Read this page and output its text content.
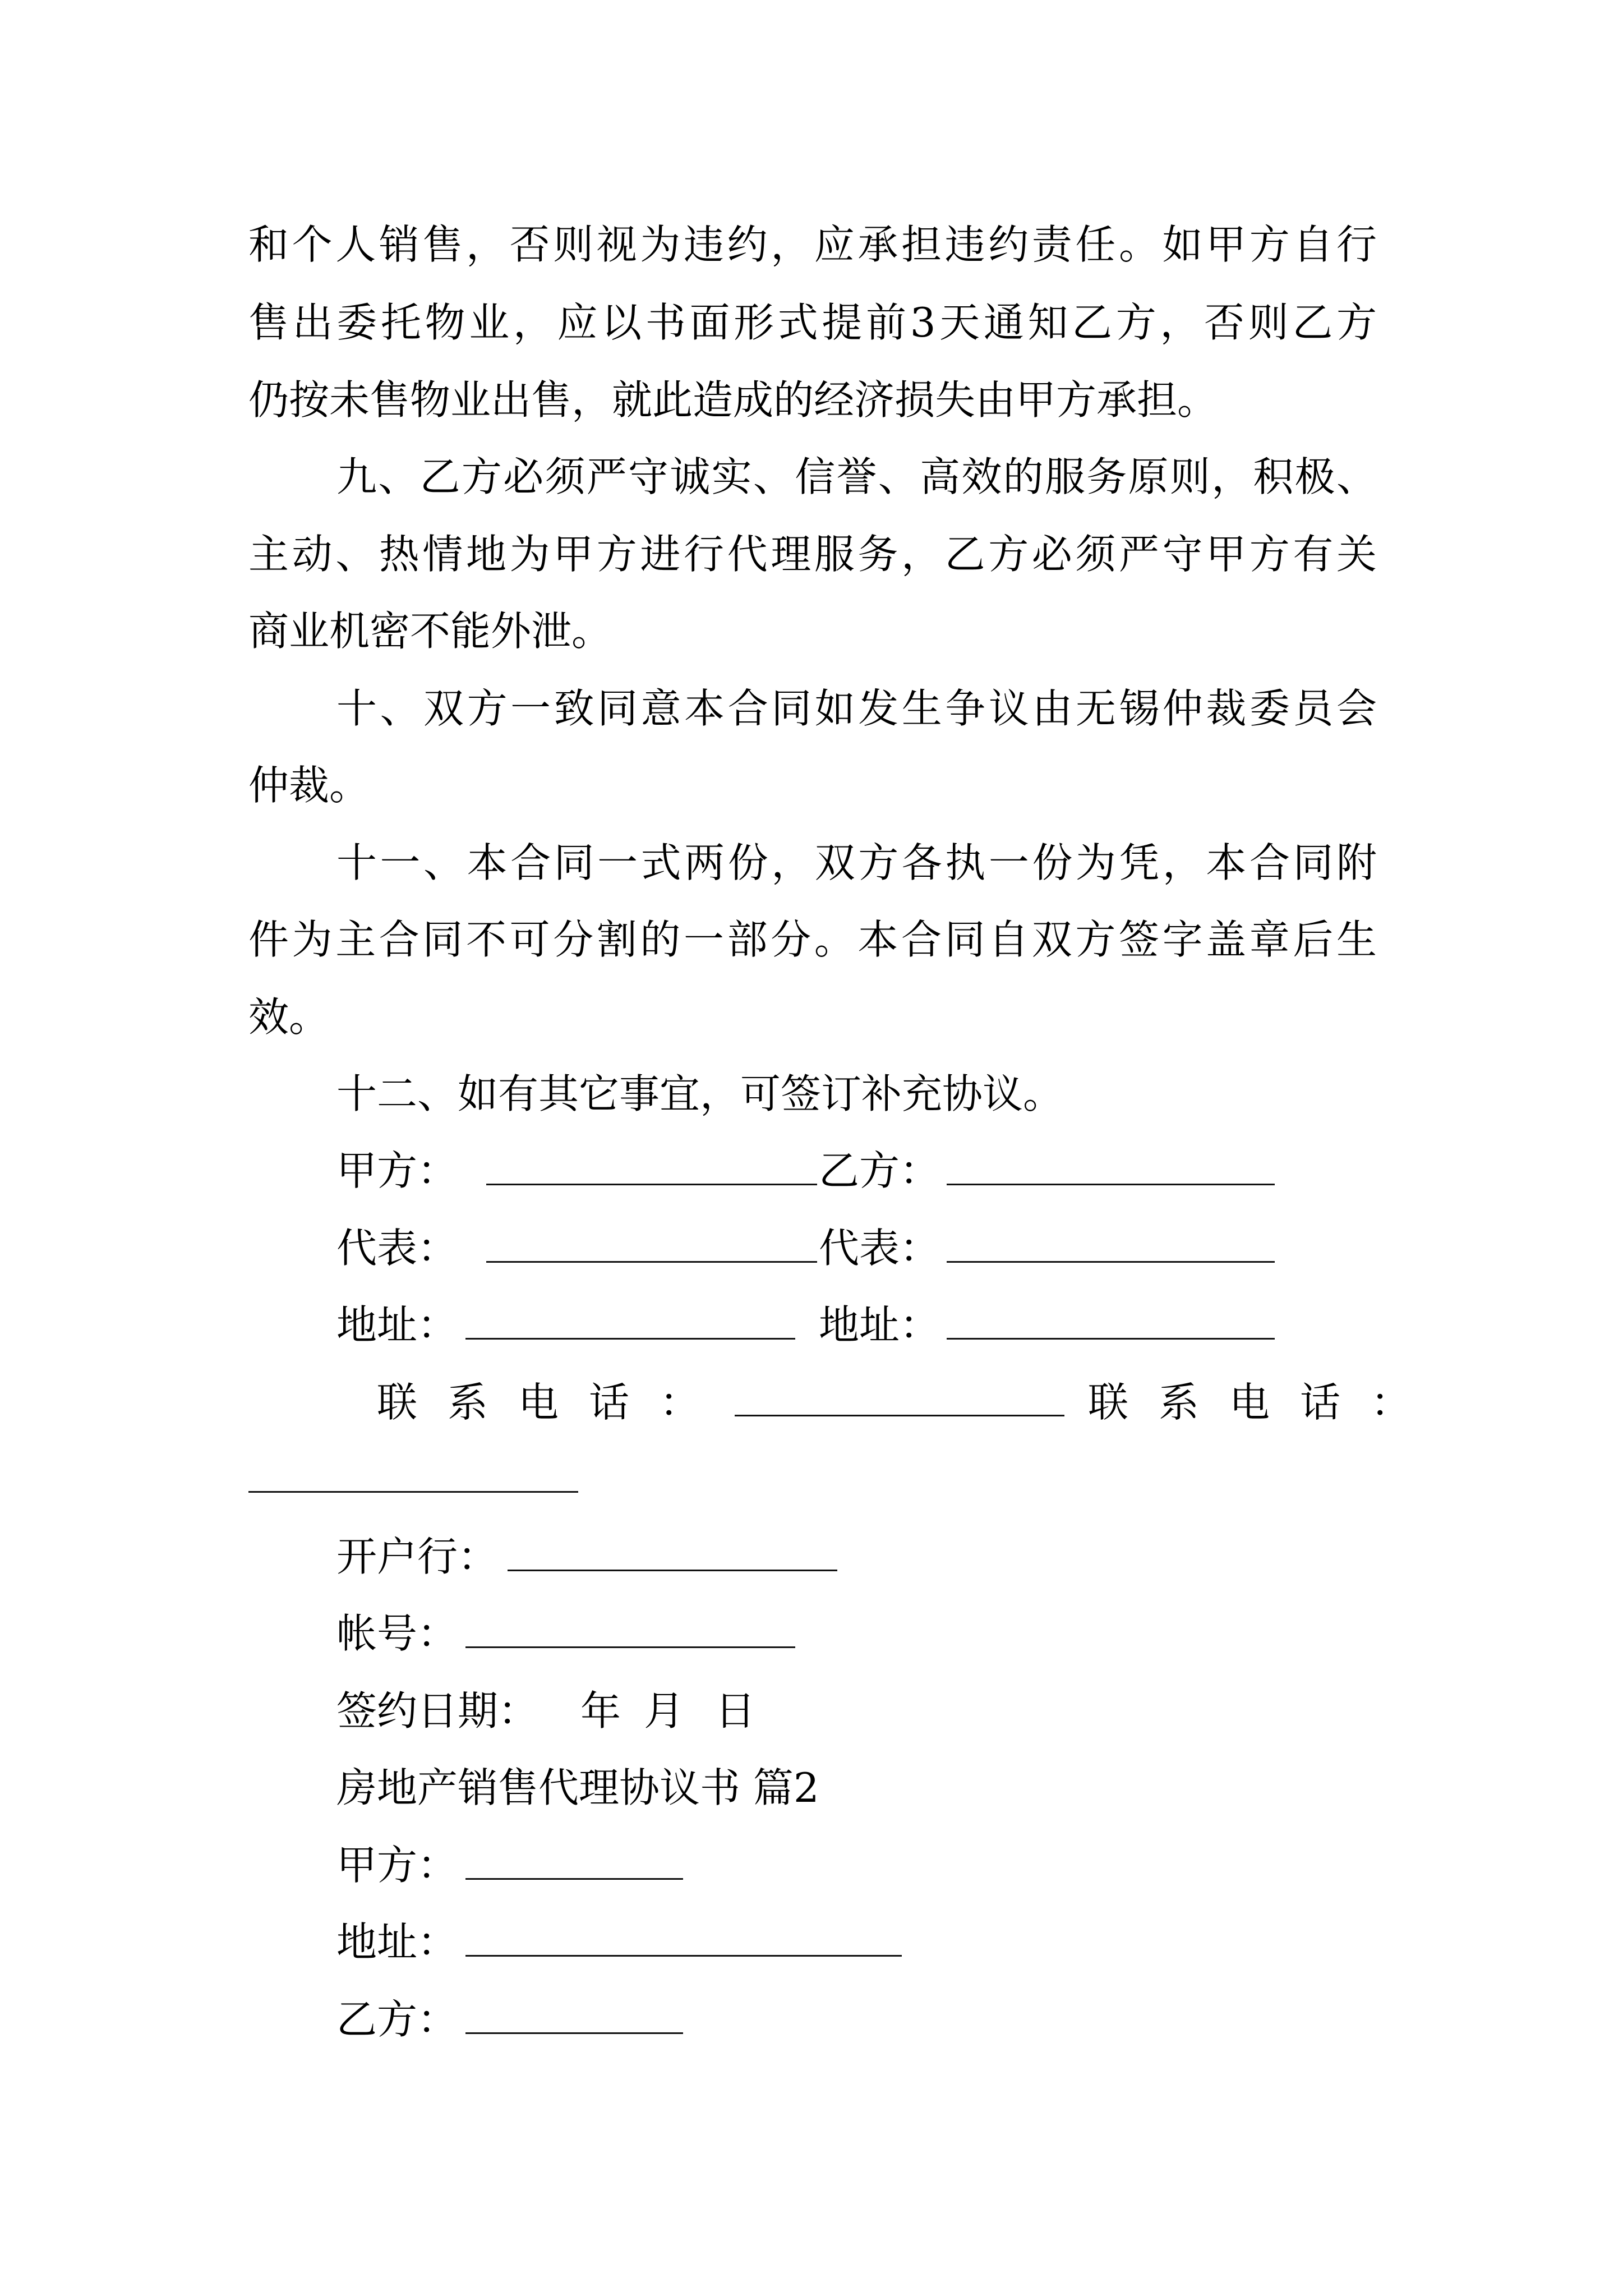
和个人销售，否则视为违约，应承担违约责任。如甲方自行
售出委托物业，应以书面形式提前3天通知乙方，否则乙方
仍按未售物业出售，就此造成的经济损失由甲方承担。
九、乙方必须严守诚实、信誉、高效的服务原则，积极、
主动、热情地为甲方进行代理服务，乙方必须严守甲方有关
商业机密不能外泄。
十、双方一致同意本合同如发生争议由无锡仲裁委员会
仲裁。
十一、本合同一式两份，双方各执一份为凭，本合同附
件为主合同不可分割的一部分。本合同自双方签字盖章后生
效。
十二、如有其它事宜，可签订补充协议。
甲方：	乙方：
代表：	代表：
地址：	地址：
联系电话：	联系电话：
开户行：
帐号：
签约日期： 年 月 日
房地产销售代理协议书 篇2
甲方：
地址：
乙方：
